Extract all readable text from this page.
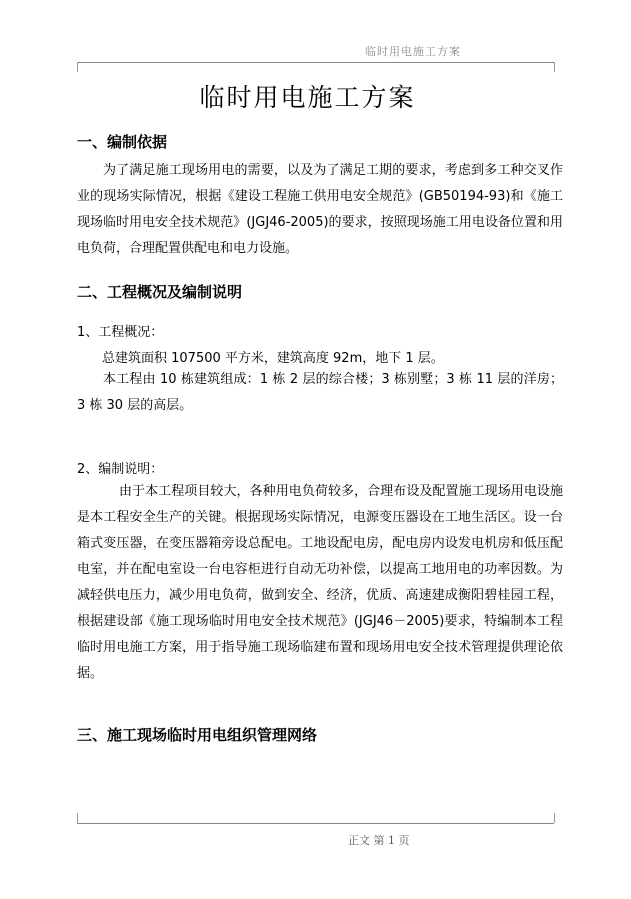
临时用电施工方案
临时用电施工方案
一、编制依据
为了满足施工现场用电的需要，以及为了满足工期的要求，考虑到多工种交叉作业的现场实际情况，根据《建设工程施工供用电安全规范》(GB50194-93)和《施工现场临时用电安全技术规范》(JGJ46-2005)的要求，按照现场施工用电设备位置和用电负荷，合理配置供配电和电力设施。
二、工程概况及编制说明
1、工程概况：
总建筑面积 107500 平方米，建筑高度 92m，地下 1 层。
本工程由 10 栋建筑组成：1 栋 2 层的综合楼；3 栋别墅；3 栋 11 层的洋房；3 栋 30 层的高层。
2、编制说明：
由于本工程项目较大，各种用电负荷较多，合理布设及配置施工现场用电设施是本工程安全生产的关键。根据现场实际情况，电源变压器设在工地生活区。设一台箱式变压器，在变压器箱旁设总配电。工地设配电房，配电房内设发电机房和低压配电室，并在配电室设一台电容柜进行自动无功补偿，以提高工地用电的功率因数。为减轻供电压力，减少用电负荷，做到安全、经济，优质、高速建成衡阳碧桂园工程，根据建设部《施工现场临时用电安全技术规范》(JGJ46－2005)要求，特编制本工程临时用电施工方案，用于指导施工现场临建布置和现场用电安全技术管理提供理论依据。
三、施工现场临时用电组织管理网络
正文 第 1 页
